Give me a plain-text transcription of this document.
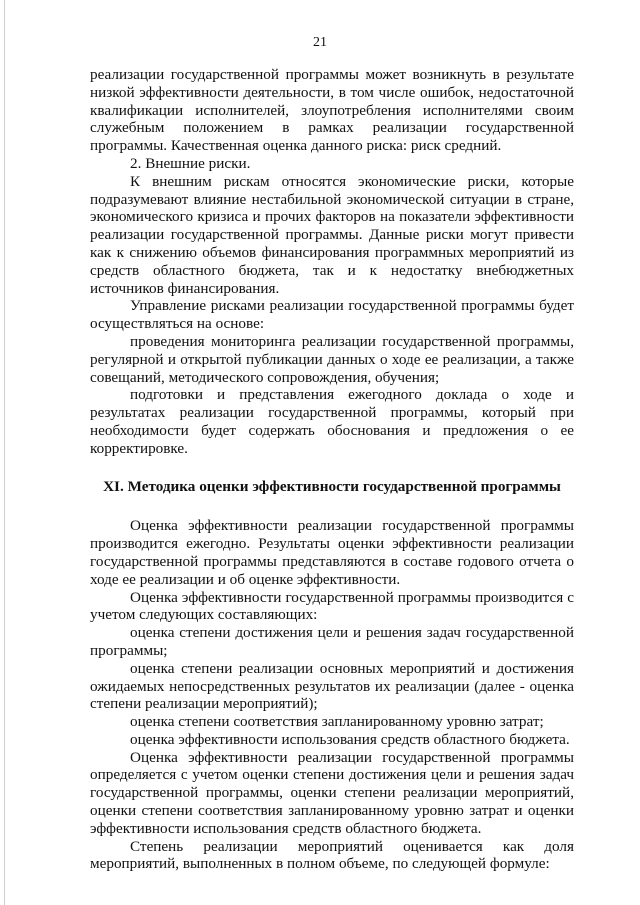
21

реализации государственной программы может возникнуть в результате низкой эффективности деятельности, в том числе ошибок, недостаточной квалификации исполнителей, злоупотребления исполнителями своим служебным положением в рамках реализации государственной программы. Качественная оценка данного риска: риск средний.

2. Внешние риски.

К внешним рискам относятся экономические риски, которые подразумевают влияние нестабильной экономической ситуации в стране, экономического кризиса и прочих факторов на показатели эффективности реализации государственной программы. Данные риски могут привести как к снижению объемов финансирования программных мероприятий из средств областного бюджета, так и к недостатку внебюджетных источников финансирования.

Управление рисками реализации государственной программы будет осуществляться на основе:

проведения мониторинга реализации государственной программы, регулярной и открытой публикации данных о ходе ее реализации, а также совещаний, методического сопровождения, обучения;

подготовки и представления ежегодного доклада о ходе и результатах реализации государственной программы, который при необходимости будет содержать обоснования и предложения о ее корректировке.

XI. Методика оценки эффективности государственной программы

Оценка эффективности реализации государственной программы производится ежегодно. Результаты оценки эффективности реализации государственной программы представляются в составе годового отчета о ходе ее реализации и об оценке эффективности.

Оценка эффективности государственной программы производится с учетом следующих составляющих:

оценка степени достижения цели и решения задач государственной программы;

оценка степени реализации основных мероприятий и достижения ожидаемых непосредственных результатов их реализации (далее - оценка степени реализации мероприятий);

оценка степени соответствия запланированному уровню затрат;

оценка эффективности использования средств областного бюджета.

Оценка эффективности реализации государственной программы определяется с учетом оценки степени достижения цели и решения задач государственной программы, оценки степени реализации мероприятий, оценки степени соответствия запланированному уровню затрат и оценки эффективности использования средств областного бюджета.

Степень реализации мероприятий оценивается как доля мероприятий, выполненных в полном объеме, по следующей формуле:
